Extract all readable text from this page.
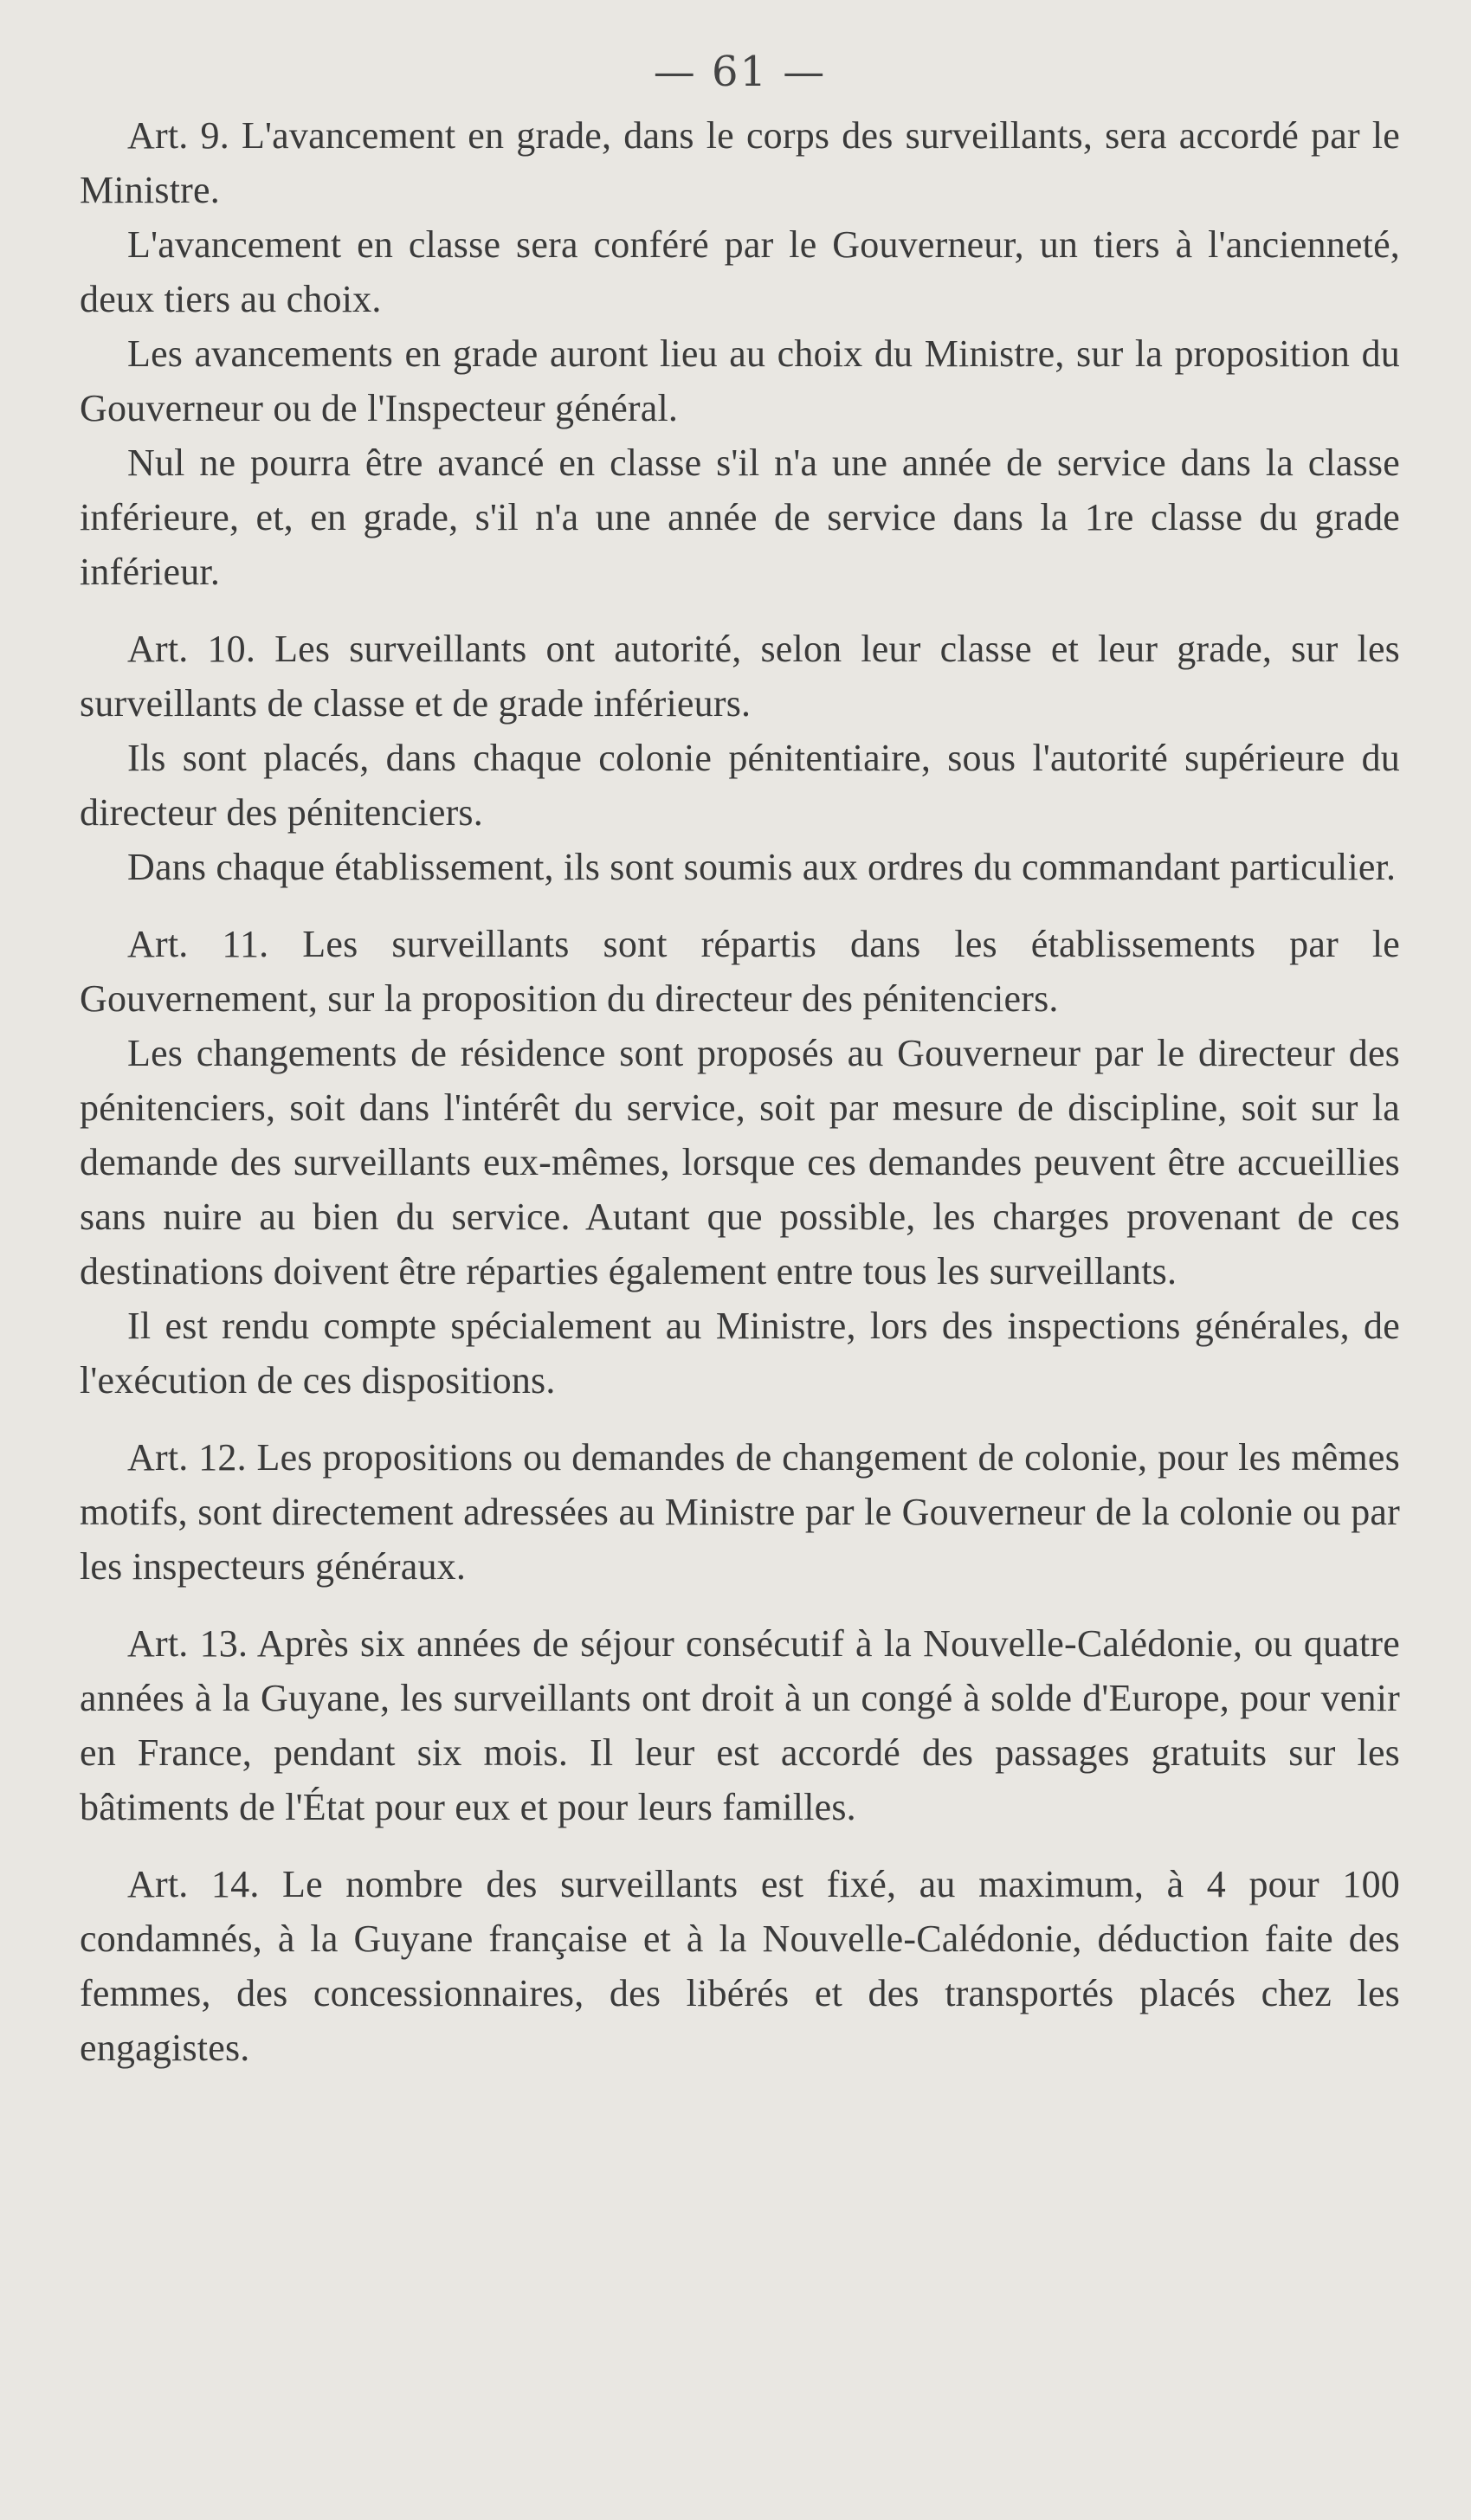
— 61 —

Art. 9. L'avancement en grade, dans le corps des surveillants, sera accordé par le Ministre.

L'avancement en classe sera conféré par le Gouverneur, un tiers à l'ancienneté, deux tiers au choix.

Les avancements en grade auront lieu au choix du Ministre, sur la proposition du Gouverneur ou de l'Inspecteur général.

Nul ne pourra être avancé en classe s'il n'a une année de service dans la classe inférieure, et, en grade, s'il n'a une année de service dans la 1re classe du grade inférieur.

Art. 10. Les surveillants ont autorité, selon leur classe et leur grade, sur les surveillants de classe et de grade inférieurs.

Ils sont placés, dans chaque colonie pénitentiaire, sous l'autorité supérieure du directeur des pénitenciers.

Dans chaque établissement, ils sont soumis aux ordres du commandant particulier.

Art. 11. Les surveillants sont répartis dans les établissements par le Gouvernement, sur la proposition du directeur des pénitenciers.

Les changements de résidence sont proposés au Gouverneur par le directeur des pénitenciers, soit dans l'intérêt du service, soit par mesure de discipline, soit sur la demande des surveillants eux-mêmes, lorsque ces demandes peuvent être accueillies sans nuire au bien du service. Autant que possible, les charges provenant de ces destinations doivent être réparties également entre tous les surveillants.

Il est rendu compte spécialement au Ministre, lors des inspections générales, de l'exécution de ces dispositions.

Art. 12. Les propositions ou demandes de changement de colonie, pour les mêmes motifs, sont directement adressées au Ministre par le Gouverneur de la colonie ou par les inspecteurs généraux.

Art. 13. Après six années de séjour consécutif à la Nouvelle-Calédonie, ou quatre années à la Guyane, les surveillants ont droit à un congé à solde d'Europe, pour venir en France, pendant six mois. Il leur est accordé des passages gratuits sur les bâtiments de l'État pour eux et pour leurs familles.

Art. 14. Le nombre des surveillants est fixé, au maximum, à 4 pour 100 condamnés, à la Guyane française et à la Nouvelle-Calédonie, déduction faite des femmes, des concessionnaires, des libérés et des transportés placés chez les engagistes.
